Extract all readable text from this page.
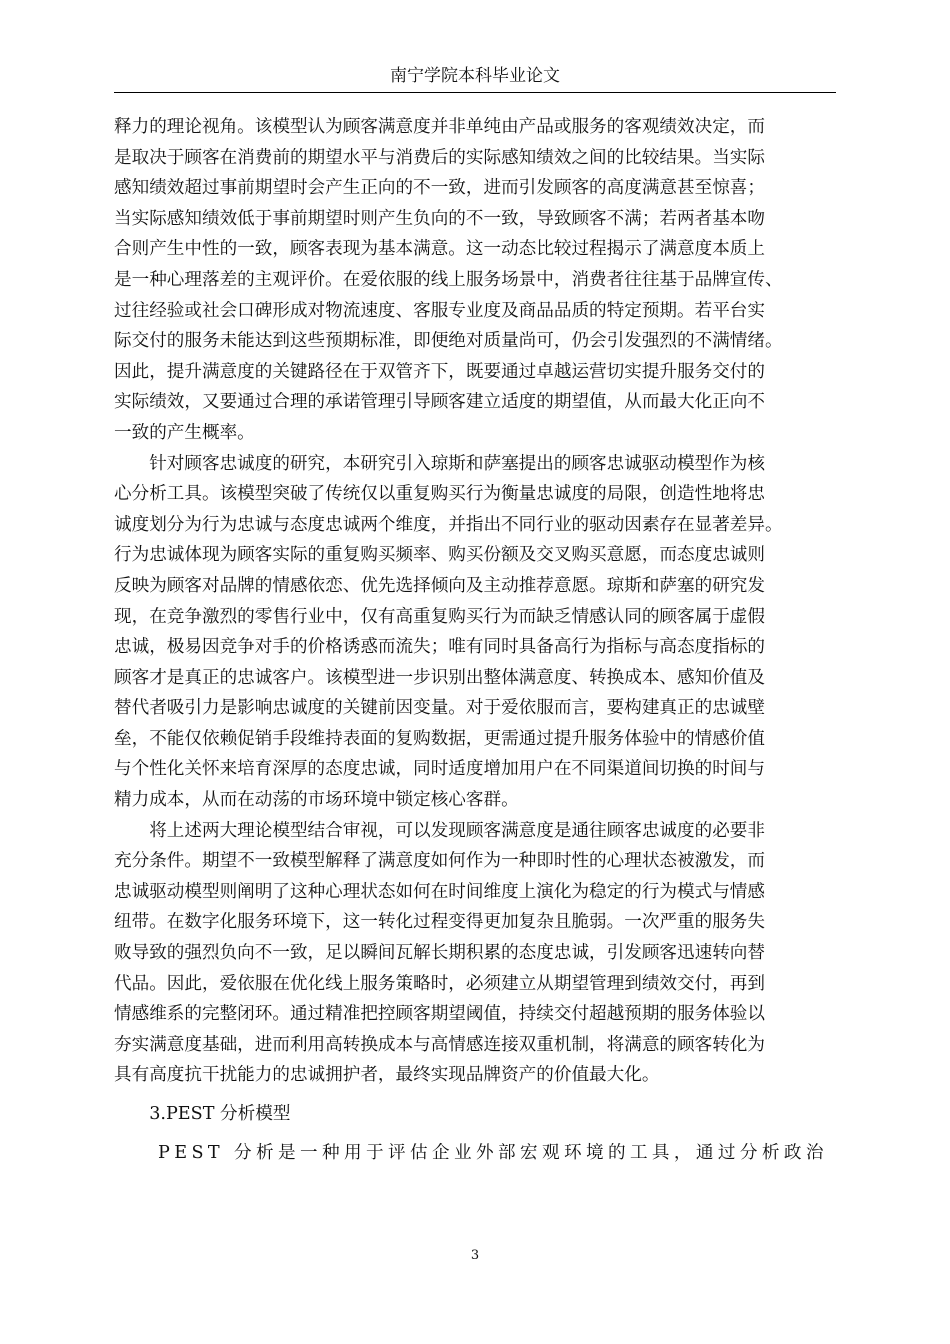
南宁学院本科毕业论文
释力的理论视角。该模型认为顾客满意度并非单纯由产品或服务的客观绩效决定，而
是取决于顾客在消费前的期望水平与消费后的实际感知绩效之间的比较结果。当实际
感知绩效超过事前期望时会产生正向的不一致，进而引发顾客的高度满意甚至惊喜；
当实际感知绩效低于事前期望时则产生负向的不一致，导致顾客不满；若两者基本吻
合则产生中性的一致，顾客表现为基本满意。这一动态比较过程揭示了满意度本质上
是一种心理落差的主观评价。在爱依服的线上服务场景中，消费者往往基于品牌宣传、
过往经验或社会口碑形成对物流速度、客服专业度及商品品质的特定预期。若平台实
际交付的服务未能达到这些预期标准，即便绝对质量尚可，仍会引发强烈的不满情绪。
因此，提升满意度的关键路径在于双管齐下，既要通过卓越运营切实提升服务交付的
实际绩效，又要通过合理的承诺管理引导顾客建立适度的期望值，从而最大化正向不
一致的产生概率。
　　针对顾客忠诚度的研究，本研究引入琼斯和萨塞提出的顾客忠诚驱动模型作为核
心分析工具。该模型突破了传统仅以重复购买行为衡量忠诚度的局限，创造性地将忠
诚度划分为行为忠诚与态度忠诚两个维度，并指出不同行业的驱动因素存在显著差异。
行为忠诚体现为顾客实际的重复购买频率、购买份额及交叉购买意愿，而态度忠诚则
反映为顾客对品牌的情感依恋、优先选择倾向及主动推荐意愿。琼斯和萨塞的研究发
现，在竞争激烈的零售行业中，仅有高重复购买行为而缺乏情感认同的顾客属于虚假
忠诚，极易因竞争对手的价格诱惑而流失；唯有同时具备高行为指标与高态度指标的
顾客才是真正的忠诚客户。该模型进一步识别出整体满意度、转换成本、感知价值及
替代者吸引力是影响忠诚度的关键前因变量。对于爱依服而言，要构建真正的忠诚壁
垒，不能仅依赖促销手段维持表面的复购数据，更需通过提升服务体验中的情感价值
与个性化关怀来培育深厚的态度忠诚，同时适度增加用户在不同渠道间切换的时间与
精力成本，从而在动荡的市场环境中锁定核心客群。
　　将上述两大理论模型结合审视，可以发现顾客满意度是通往顾客忠诚度的必要非
充分条件。期望不一致模型解释了满意度如何作为一种即时性的心理状态被激发，而
忠诚驱动模型则阐明了这种心理状态如何在时间维度上演化为稳定的行为模式与情感
纽带。在数字化服务环境下，这一转化过程变得更加复杂且脆弱。一次严重的服务失
败导致的强烈负向不一致，足以瞬间瓦解长期积累的态度忠诚，引发顾客迅速转向替
代品。因此，爱依服在优化线上服务策略时，必须建立从期望管理到绩效交付，再到
情感维系的完整闭环。通过精准把控顾客期望阈值，持续交付超越预期的服务体验以
夯实满意度基础，进而利用高转换成本与高情感连接双重机制，将满意的顾客转化为
具有高度抗干扰能力的忠诚拥护者，最终实现品牌资产的价值最大化。
　　3.PEST 分析模型
　　PEST 分析是一种用于评估企业外部宏观环境的工具，通过分析政治
3
